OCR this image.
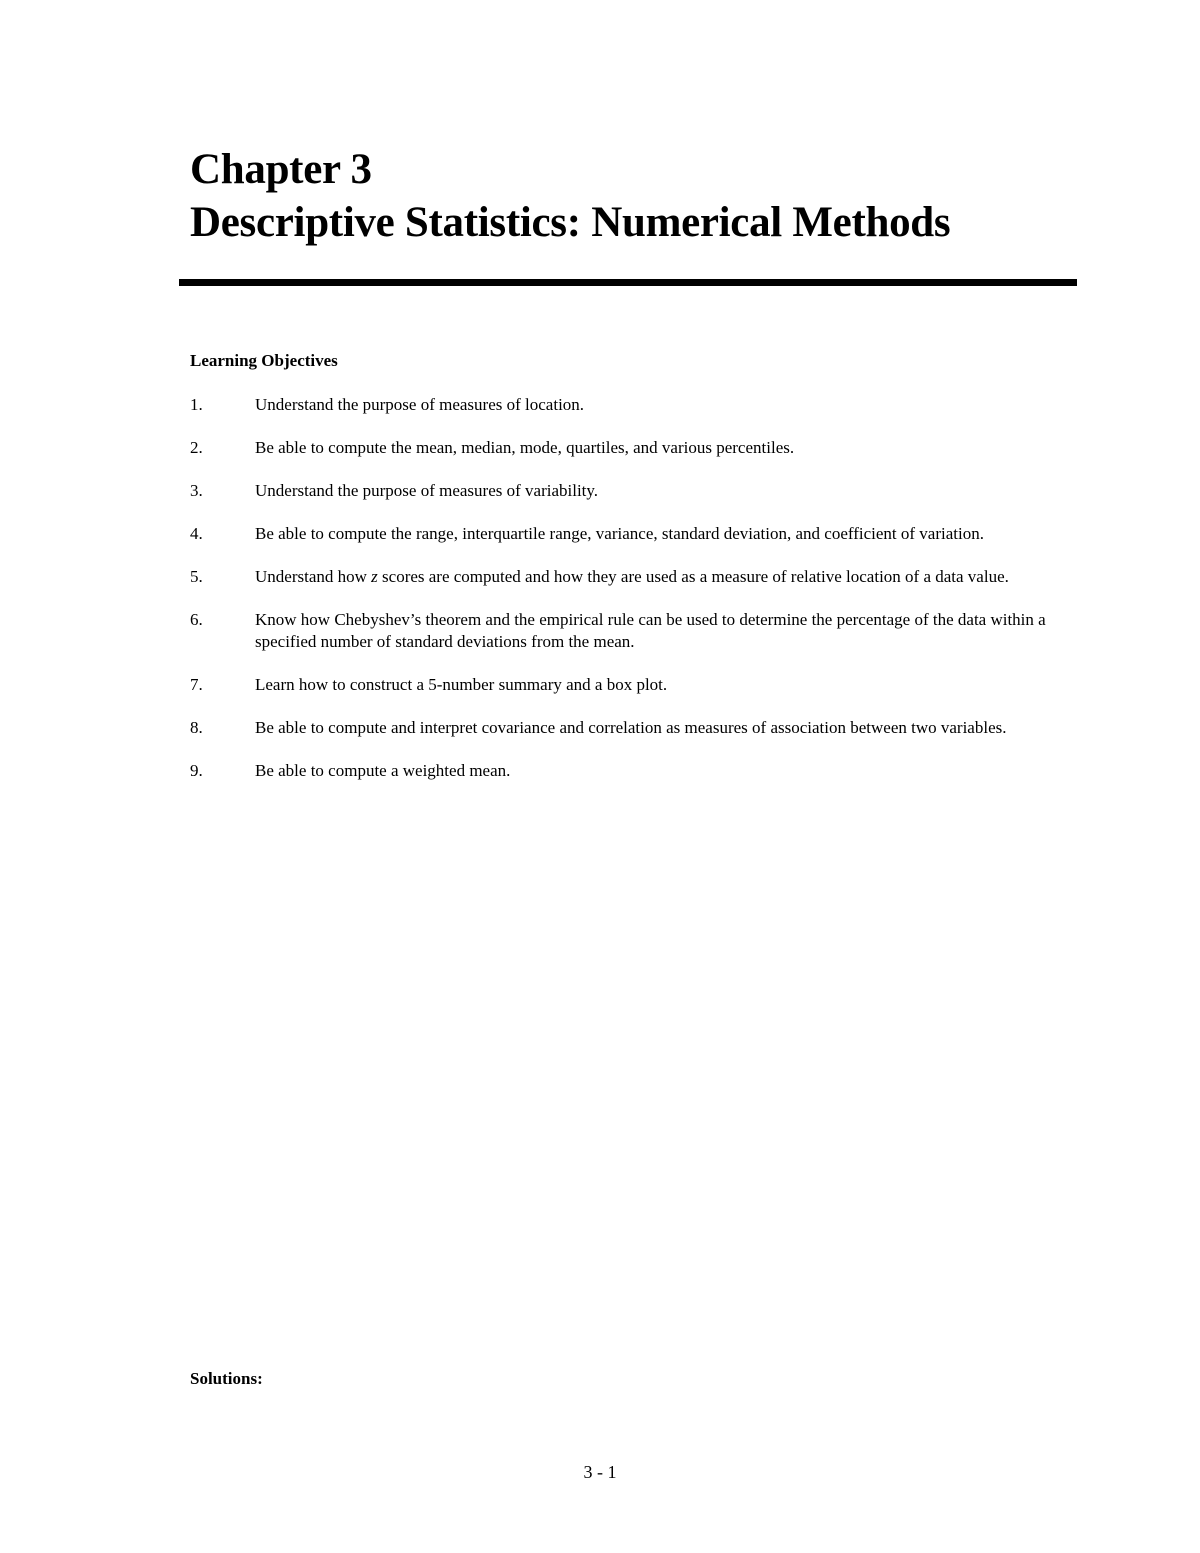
Chapter 3
Descriptive Statistics: Numerical Methods
Learning Objectives
1.	Understand the purpose of measures of location.
2.	Be able to compute the mean, median, mode, quartiles, and various percentiles.
3.	Understand the purpose of measures of variability.
4.	Be able to compute the range, interquartile range, variance, standard deviation, and coefficient of variation.
5.	Understand how z scores are computed and how they are used as a measure of relative location of a data value.
6.	Know how Chebyshev’s theorem and the empirical rule can be used to determine the percentage of the data within a specified number of standard deviations from the mean.
7.	Learn how to construct a 5-number summary and a box plot.
8.	Be able to compute and interpret covariance and correlation as measures of association between two variables.
9.	Be able to compute a weighted mean.
Solutions:
3 - 1
